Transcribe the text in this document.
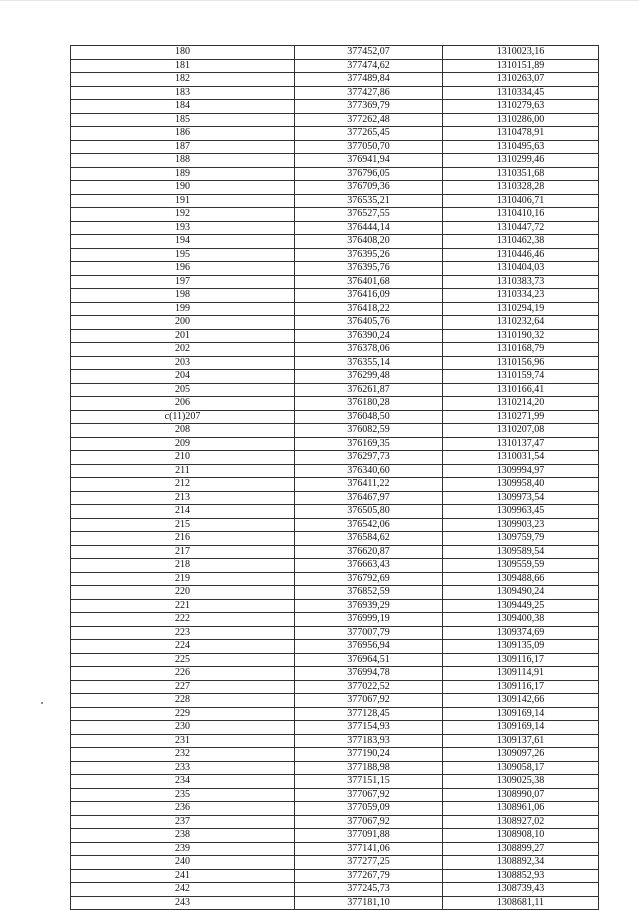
180	377452,07	1310023,16
181	377474,62	1310151,89
182	377489,84	1310263,07
183	377427,86	1310334,45
184	377369,79	1310279,63
185	377262,48	1310286,00
186	377265,45	1310478,91
187	377050,70	1310495,63
188	376941,94	1310299,46
189	376796,05	1310351,68
190	376709,36	1310328,28
191	376535,21	1310406,71
192	376527,55	1310410,16
193	376444,14	1310447,72
194	376408,20	1310462,38
195	376395,26	1310446,46
196	376395,76	1310404,03
197	376401,68	1310383,73
198	376416,09	1310334,23
199	376418,22	1310294,19
200	376405,76	1310232,64
201	376390,24	1310190,32
202	376378,06	1310168,79
203	376355,14	1310156,96
204	376299,48	1310159,74
205	376261,87	1310166,41
206	376180,28	1310214,20
c(11)207	376048,50	1310271,99
208	376082,59	1310207,08
209	376169,35	1310137,47
210	376297,73	1310031,54
211	376340,60	1309994,97
212	376411,22	1309958,40
213	376467,97	1309973,54
214	376505,80	1309963,45
215	376542,06	1309903,23
216	376584,62	1309759,79
217	376620,87	1309589,54
218	376663,43	1309559,59
219	376792,69	1309488,66
220	376852,59	1309490,24
221	376939,29	1309449,25
222	376999,19	1309400,38
223	377007,79	1309374,69
224	376956,94	1309135,09
225	376964,51	1309116,17
226	376994,78	1309114,91
227	377022,52	1309116,17
228	377067,92	1309142,66
229	377128,45	1309169,14
230	377154,93	1309169,14
231	377183,93	1309137,61
232	377190,24	1309097,26
233	377188,98	1309058,17
234	377151,15	1309025,38
235	377067,92	1308990,07
236	377059,09	1308961,06
237	377067,92	1308927,02
238	377091,88	1308908,10
239	377141,06	1308899,27
240	377277,25	1308892,34
241	377267,79	1308852,93
242	377245,73	1308739,43
243	377181,10	1308681,11
